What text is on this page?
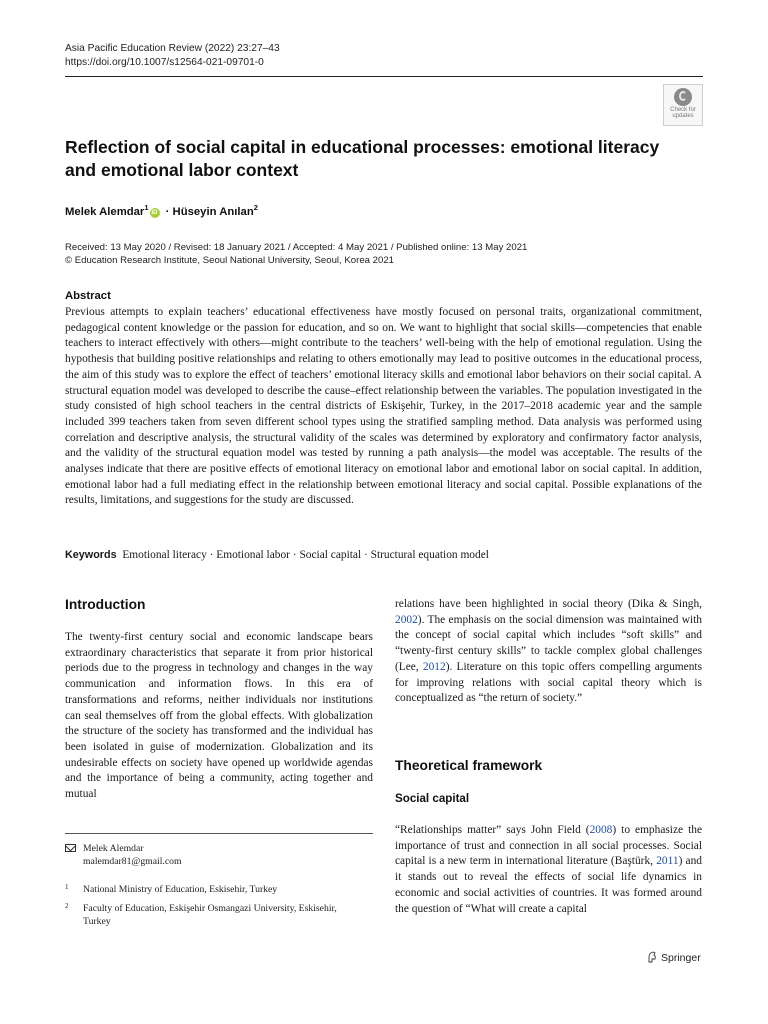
Asia Pacific Education Review (2022) 23:27–43
https://doi.org/10.1007/s12564-021-09701-0
Check for
updates
Reflection of social capital in educational processes: emotional literacy
and emotional labor context
Melek Alemdar$^1$iD · Hüseyin Anılan$^2$
Received: 13 May 2020 / Revised: 18 January 2021 / Accepted: 4 May 2021 / Published online: 13 May 2021
© Education Research Institute, Seoul National University, Seoul, Korea 2021
Abstract
Previous attempts to explain teachers’ educational effectiveness have mostly focused on personal traits, organizational commitment, pedagogical content knowledge or the passion for education, and so on. We want to highlight that social skills—competencies that enable teachers to interact effectively with others—might contribute to the teachers’ well-being with the help of emotional regulation. Using the hypothesis that building positive relationships and relating to others emotionally may lead to positive outcomes in the educational process, the aim of this study was to explore the effect of teachers’ emotional literacy skills and emotional labor behaviors on their social capital. A structural equation model was developed to describe the cause–effect relationship between the variables. The population investigated in the study consisted of high school teachers in the central districts of Eskişehir, Turkey, in the 2017–2018 academic year and the sample included 399 teachers taken from seven different school types using the stratified sampling method. Data analysis was performed using correlation and descriptive analysis, the structural validity of the scales was determined by exploratory and confirmatory factor analysis, and the validity of the structural equation model was tested by running a path analysis—the model was acceptable. The results of the analyses indicate that there are positive effects of emotional literacy on emotional labor and emotional labor on social capital. In addition, emotional labor had a full mediating effect in the relationship between emotional literacy and social capital. Possible explanations of the results, limitations, and suggestions for the study are discussed.
Keywords Emotional literacy · Emotional labor · Social capital · Structural equation model
Introduction
The twenty-first century social and economic landscape bears extraordinary characteristics that separate it from prior historical periods due to the progress in technology and changes in the way communication and information flows. In this era of transformations and reforms, neither individuals nor institutions can seal themselves off from the global effects. With globalization the structure of the society has transformed and the individual has been isolated in guise of modernization. Globalization and its undesirable effects on society have opened up worldwide agendas and the importance of being a community, acting together and mutual
relations have been highlighted in social theory (Dika & Singh, 2002). The emphasis on the social dimension was maintained with the concept of social capital which includes “soft skills” and “twenty-first century skills” to tackle complex global challenges (Lee, 2012). Literature on this topic offers compelling arguments for improving relations with social capital theory which is conceptualized as “the return of society.”
Theoretical framework
Social capital
“Relationships matter” says John Field (2008) to emphasize the importance of trust and connection in all social processes. Social capital is a new term in international literature (Baştürk, 2011) and it stands out to reveal the effects of social life dynamics in economic and social activities of countries. It was formed around the question of “What will create a capital
Melek Alemdar
malemdar81@gmail.com
1 National Ministry of Education, Eskisehir, Turkey
2 Faculty of Education, Eskişehir Osmangazi University, Eskisehir, Turkey
Springer
